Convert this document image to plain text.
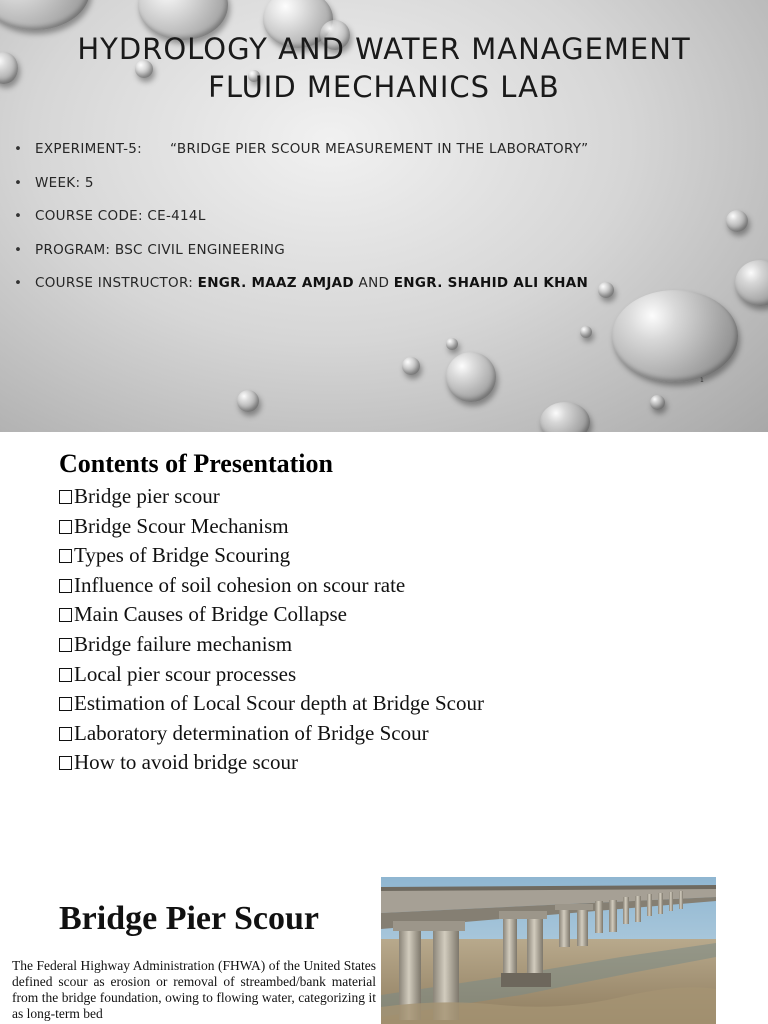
HYDROLOGY AND WATER MANAGEMENT
FLUID MECHANICS LAB
• EXPERIMENT-5: “BRIDGE PIER SCOUR MEASUREMENT IN THE LABORATORY”
• WEEK: 5
• COURSE CODE: CE-414L
• PROGRAM: BSC CIVIL ENGINEERING
• COURSE INSTRUCTOR: ENGR. MAAZ AMJAD AND ENGR. SHAHID ALI KHAN
1
Contents of Presentation
Bridge pier scour
Bridge Scour Mechanism
Types of Bridge Scouring
Influence of soil cohesion on scour rate
Main Causes of Bridge Collapse
Bridge failure mechanism
Local pier scour processes
Estimation of Local Scour depth at Bridge Scour
Laboratory determination of Bridge Scour
How to avoid bridge scour
Bridge Pier Scour

The Federal Highway Administration (FHWA) of the United States defined scour as erosion or removal of streambed/bank material from the bridge foundation, owing to flowing water, categorizing it as long-term bed
